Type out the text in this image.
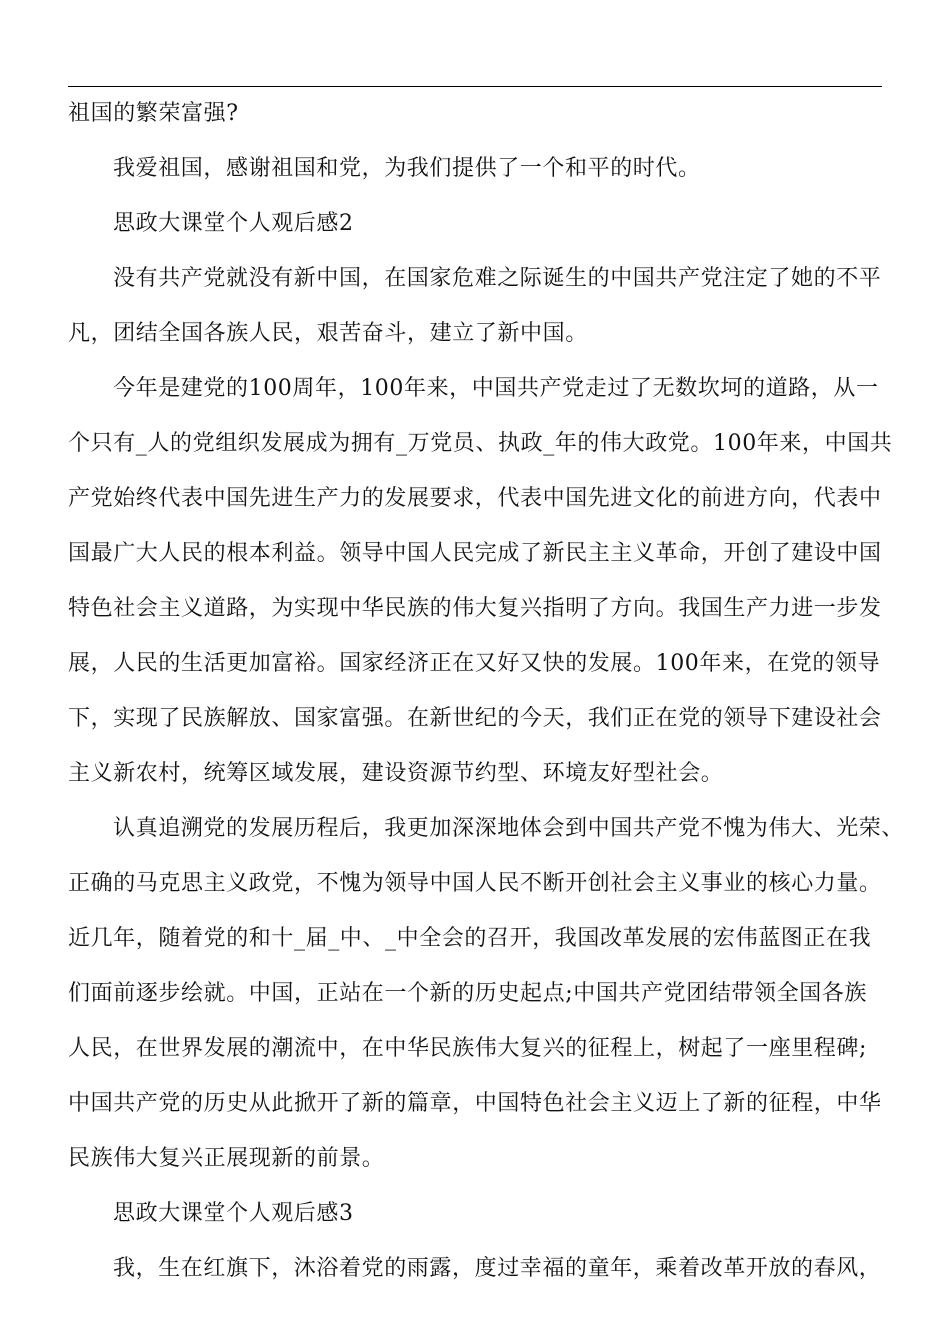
祖国的繁荣富强?
我爱祖国，感谢祖国和党，为我们提供了一个和平的时代。
思政大课堂个人观后感2
没有共产党就没有新中国，在国家危难之际诞生的中国共产党注定了她的不平
凡，团结全国各族人民，艰苦奋斗，建立了新中国。
今年是建党的100周年，100年来，中国共产党走过了无数坎坷的道路，从一
个只有_人的党组织发展成为拥有_万党员、执政_年的伟大政党。100年来，中国共
产党始终代表中国先进生产力的发展要求，代表中国先进文化的前进方向，代表中
国最广大人民的根本利益。领导中国人民完成了新民主主义革命，开创了建设中国
特色社会主义道路，为实现中华民族的伟大复兴指明了方向。我国生产力进一步发
展，人民的生活更加富裕。国家经济正在又好又快的发展。100年来，在党的领导
下，实现了民族解放、国家富强。在新世纪的今天，我们正在党的领导下建设社会
主义新农村，统筹区域发展，建设资源节约型、环境友好型社会。
认真追溯党的发展历程后，我更加深深地体会到中国共产党不愧为伟大、光荣、
正确的马克思主义政党，不愧为领导中国人民不断开创社会主义事业的核心力量。
近几年，随着党的和十_届_中、_中全会的召开，我国改革发展的宏伟蓝图正在我
们面前逐步绘就。中国，正站在一个新的历史起点;中国共产党团结带领全国各族
人民，在世界发展的潮流中，在中华民族伟大复兴的征程上，树起了一座里程碑;
中国共产党的历史从此掀开了新的篇章，中国特色社会主义迈上了新的征程，中华
民族伟大复兴正展现新的前景。
思政大课堂个人观后感3
我，生在红旗下，沐浴着党的雨露，度过幸福的童年，乘着改革开放的春风，
